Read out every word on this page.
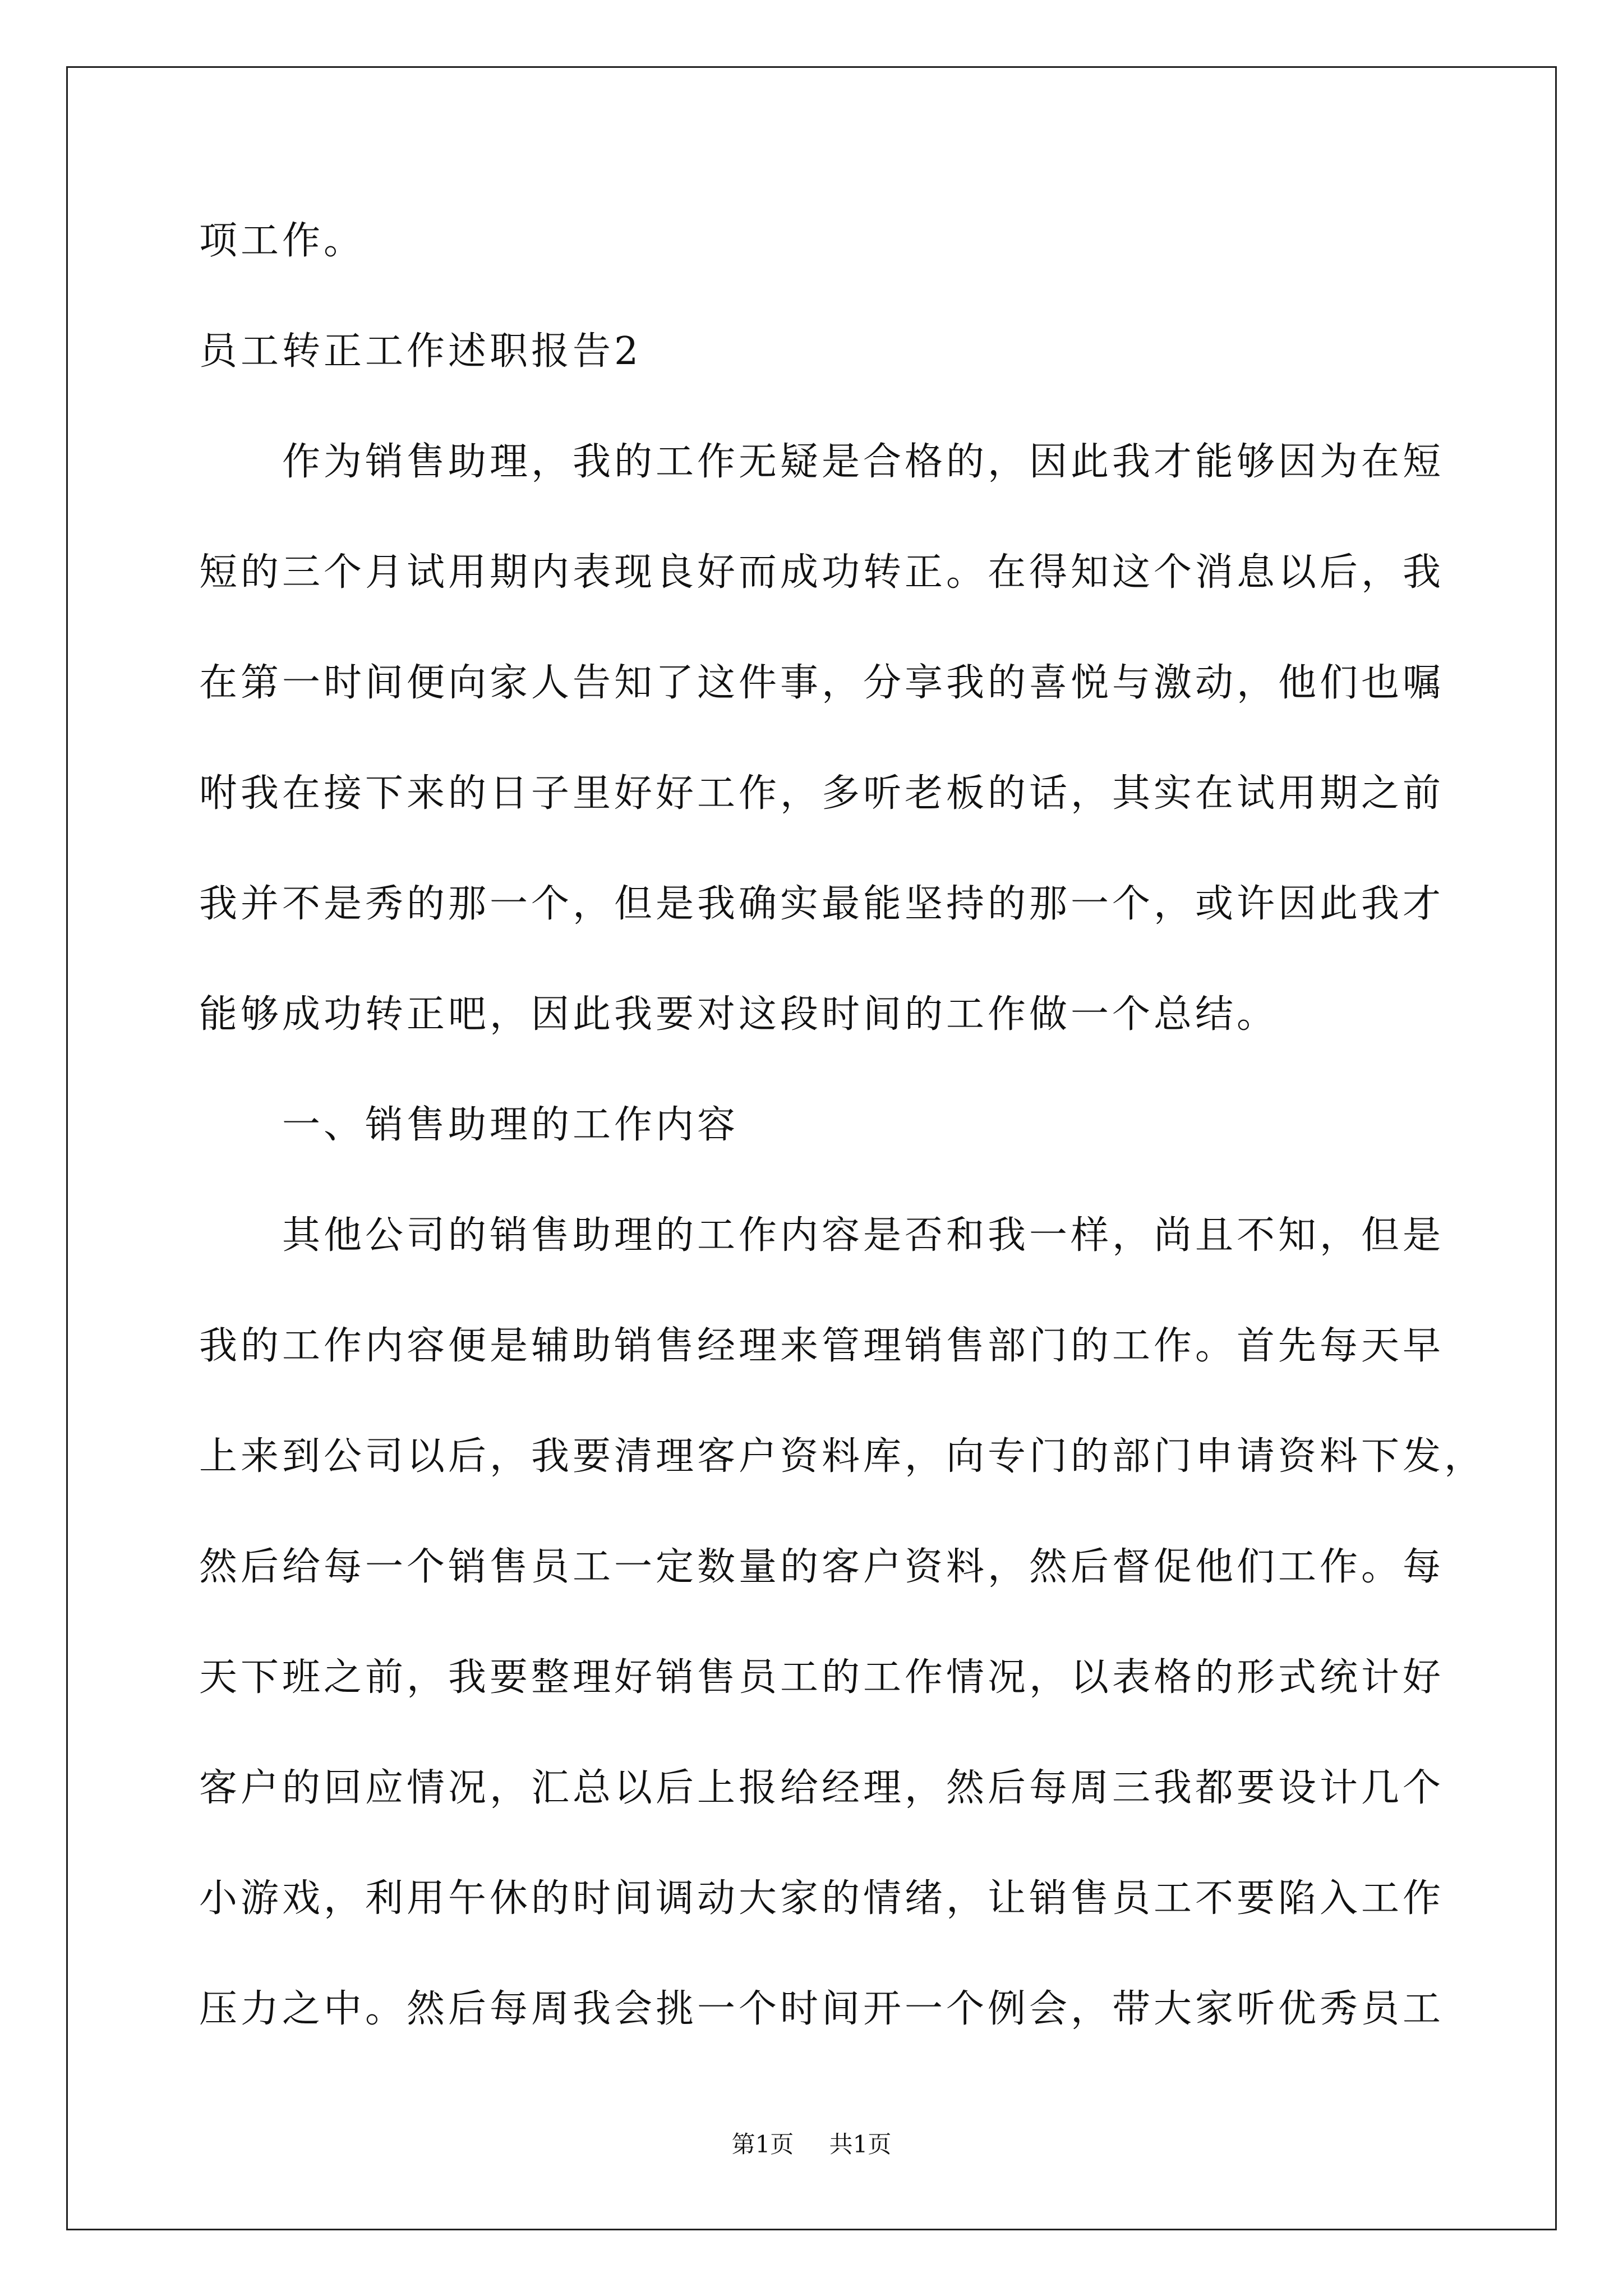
项工作。
员工转正工作述职报告2
作为销售助理，我的工作无疑是合格的，因此我才能够因为在短
短的三个月试用期内表现良好而成功转正。在得知这个消息以后，我
在第一时间便向家人告知了这件事，分享我的喜悦与激动，他们也嘱
咐我在接下来的日子里好好工作，多听老板的话，其实在试用期之前
我并不是秀的那一个，但是我确实最能坚持的那一个，或许因此我才
能够成功转正吧，因此我要对这段时间的工作做一个总结。
一、销售助理的工作内容
其他公司的销售助理的工作内容是否和我一样，尚且不知，但是
我的工作内容便是辅助销售经理来管理销售部门的工作。首先每天早
上来到公司以后，我要清理客户资料库，向专门的部门申请资料下发，
然后给每一个销售员工一定数量的客户资料，然后督促他们工作。每
天下班之前，我要整理好销售员工的工作情况，以表格的形式统计好
客户的回应情况，汇总以后上报给经理，然后每周三我都要设计几个
小游戏，利用午休的时间调动大家的情绪，让销售员工不要陷入工作
压力之中。然后每周我会挑一个时间开一个例会，带大家听优秀员工
第1页 共1页
